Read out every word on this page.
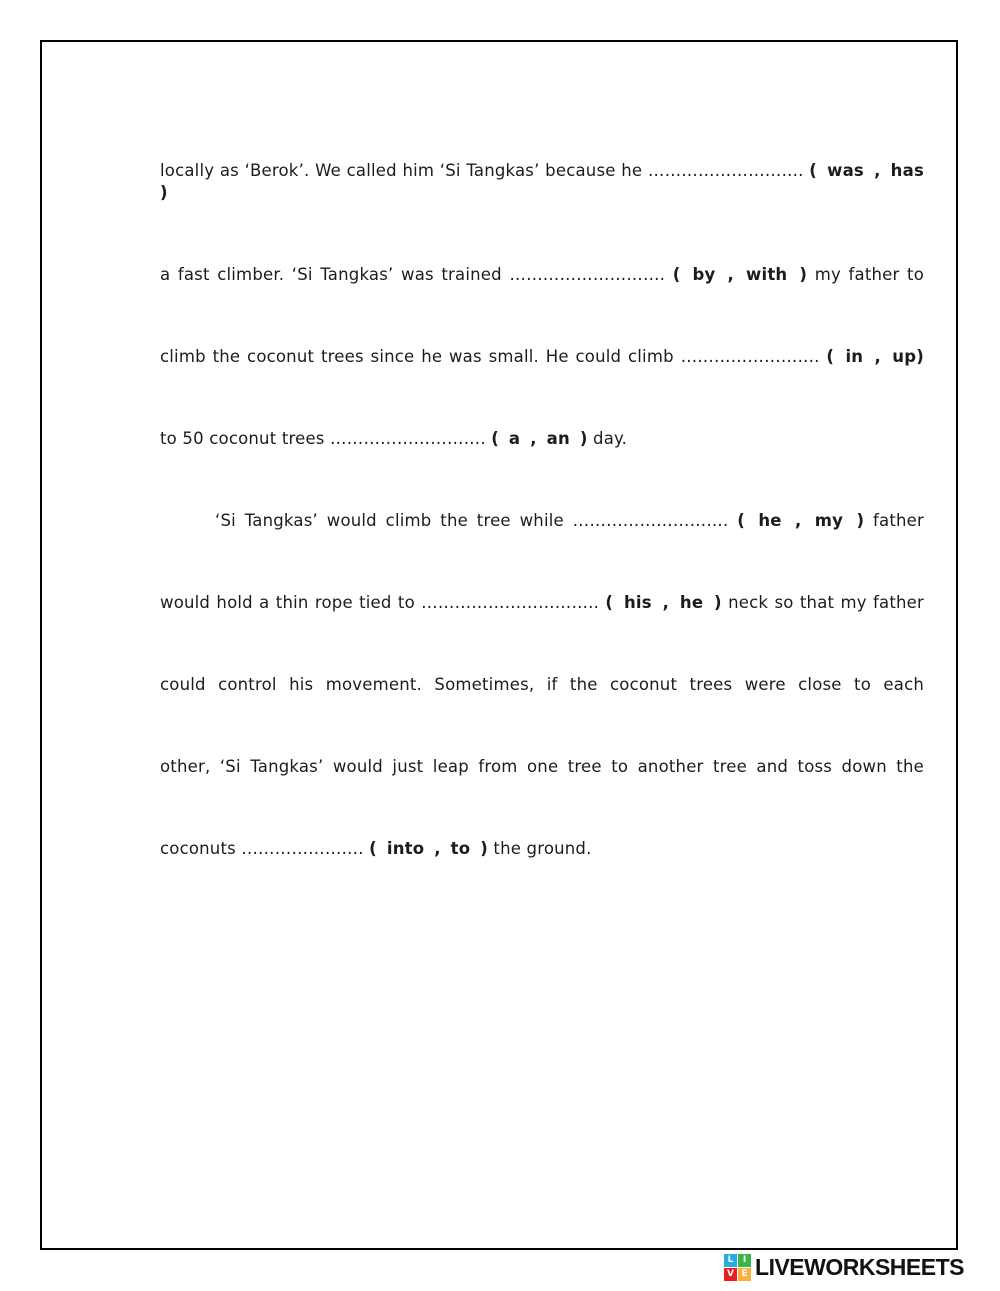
locally as ‘Berok’. We called him ‘Si Tangkas’ because he ………………………. ( was , has )
a fast climber. ‘Si Tangkas’ was trained ………………………. ( by , with ) my father to
climb the coconut trees since he was small. He could climb ……………………. ( in , up)
to 50 coconut trees ………………………. ( a , an ) day.
‘Si Tangkas’ would climb the tree while ………………………. ( he , my ) father
would hold a thin rope tied to ………………………….. ( his , he ) neck so that my father
could control his movement. Sometimes, if the coconut trees were close to each
other, ‘Si Tangkas’ would just leap from one tree to another tree and toss down the
coconuts …………………. ( into , to ) the ground.
L	I
V E LIVEWORKSHEETS
